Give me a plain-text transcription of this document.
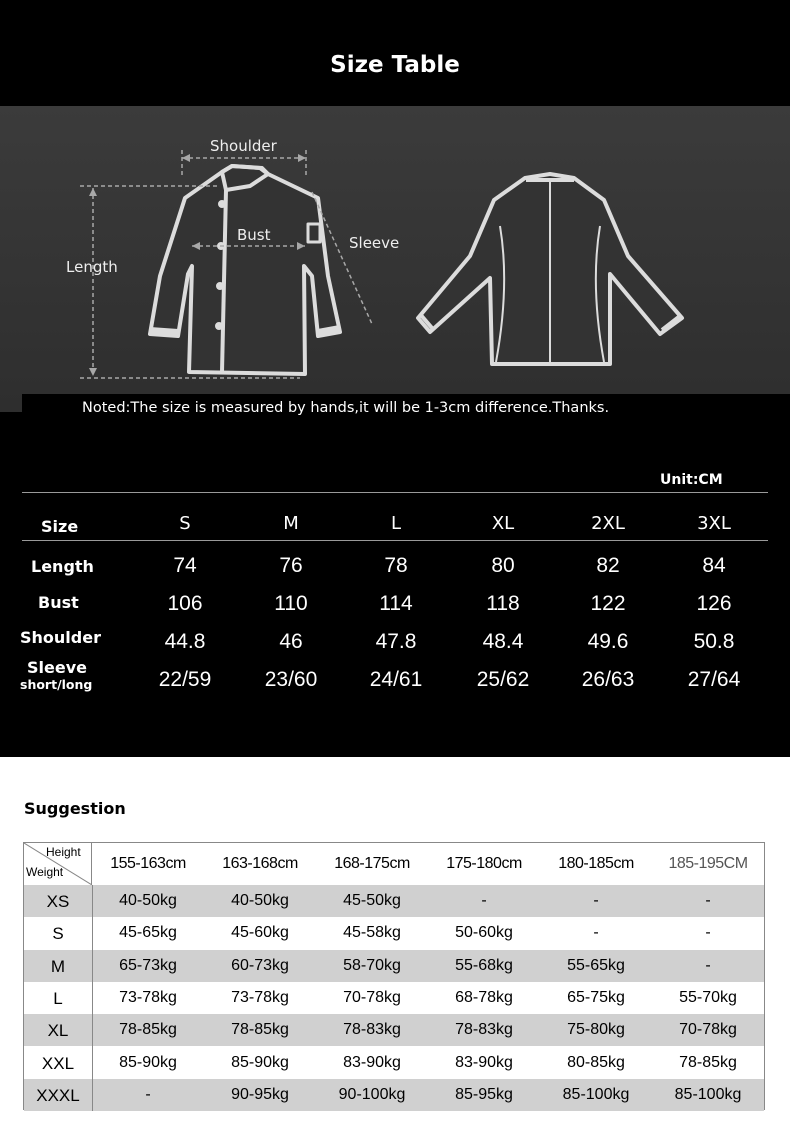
Size Table
Shoulder
Bust	Sleeve
Length
Noted:The size is measured by hands,it will be 1-3cm difference.Thanks.
Unit:CM
Size	S	M	L	XL	2XL	3XL
Length	74	76	78	80	82	84
Bust	106	110	114	118	122	126
Shoulder	44.8	46	47.8	48.4	49.6	50.8
Sleeve
short/long	22/59	23/60	24/61	25/62	26/63	27/64
Suggestion
Height
Weight	155-163cm	163-168cm	168-175cm	175-180cm	180-185cm	185-195CM
XS	40-50kg	40-50kg	45-50kg	-	-	-
S	45-65kg	45-60kg	45-58kg	50-60kg	-	-
M	65-73kg	60-73kg	58-70kg	55-68kg	55-65kg	-
L	73-78kg	73-78kg	70-78kg	68-78kg	65-75kg	55-70kg
XL	78-85kg	78-85kg	78-83kg	78-83kg	75-80kg	70-78kg
XXL	85-90kg	85-90kg	83-90kg	83-90kg	80-85kg	78-85kg
XXXL	-	90-95kg	90-100kg	85-95kg	85-100kg	85-100kg
